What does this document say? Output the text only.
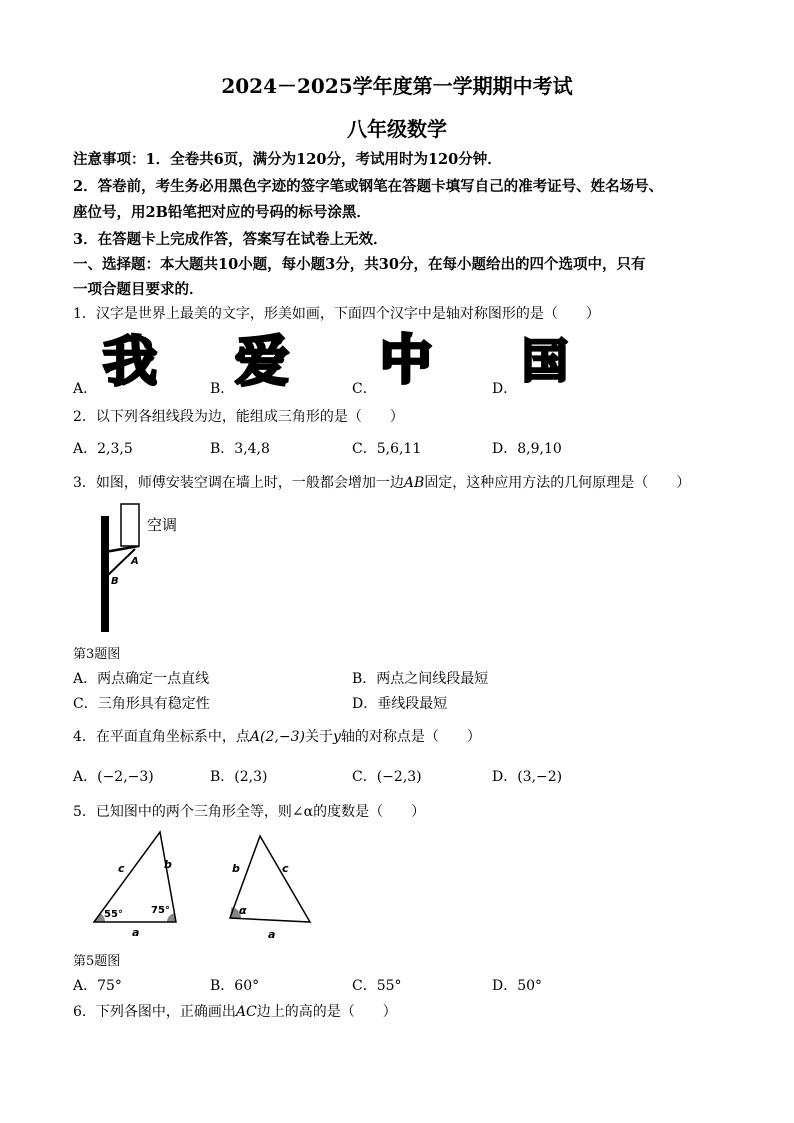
2024－2025学年度第一学期期中考试
八年级数学
注意事项：1．全卷共6页，满分为120分，考试用时为120分钟．
2．答卷前，考生务必用黑色字迹的签字笔或钢笔在答题卡填写自己的准考证号、姓名场号、
座位号，用2B铅笔把对应的号码的标号涂黑．
3．在答题卡上完成作答，答案写在试卷上无效．
一、选择题：本大题共10小题，每小题3分，共30分，在每小题给出的四个选项中，只有
一项合题目要求的．
1．汉字是世界上最美的文字，形美如画，下面四个汉字中是轴对称图形的是（　　）
A．	B．	C．	D．
我 爱 中 国
2．以下列各组线段为边，能组成三角形的是（　　）
A．2,3,5	B．3,4,8	C．5,6,11	D．8,9,10
3．如图，师傅安装空调在墙上时，一般都会增加一边AB固定，这种应用方法的几何原理是（　　）
空调
A
B
第3题图
A．两点确定一点直线	B．两点之间线段最短
C．三角形具有稳定性	D．垂线段最短
4．在平面直角坐标系中，点A(2,−3)关于y轴的对称点是（　　）
A．(−2,−3)	B．(2,3)	C．(−2,3)	D．(3,−2)
5．已知图中的两个三角形全等，则∠α的度数是（　　）
c	b
a
55°	75°
b	c
a
α
第5题图
A．75°	B．60°	C．55°	D．50°
6．下列各图中，正确画出AC边上的高的是（　　）
